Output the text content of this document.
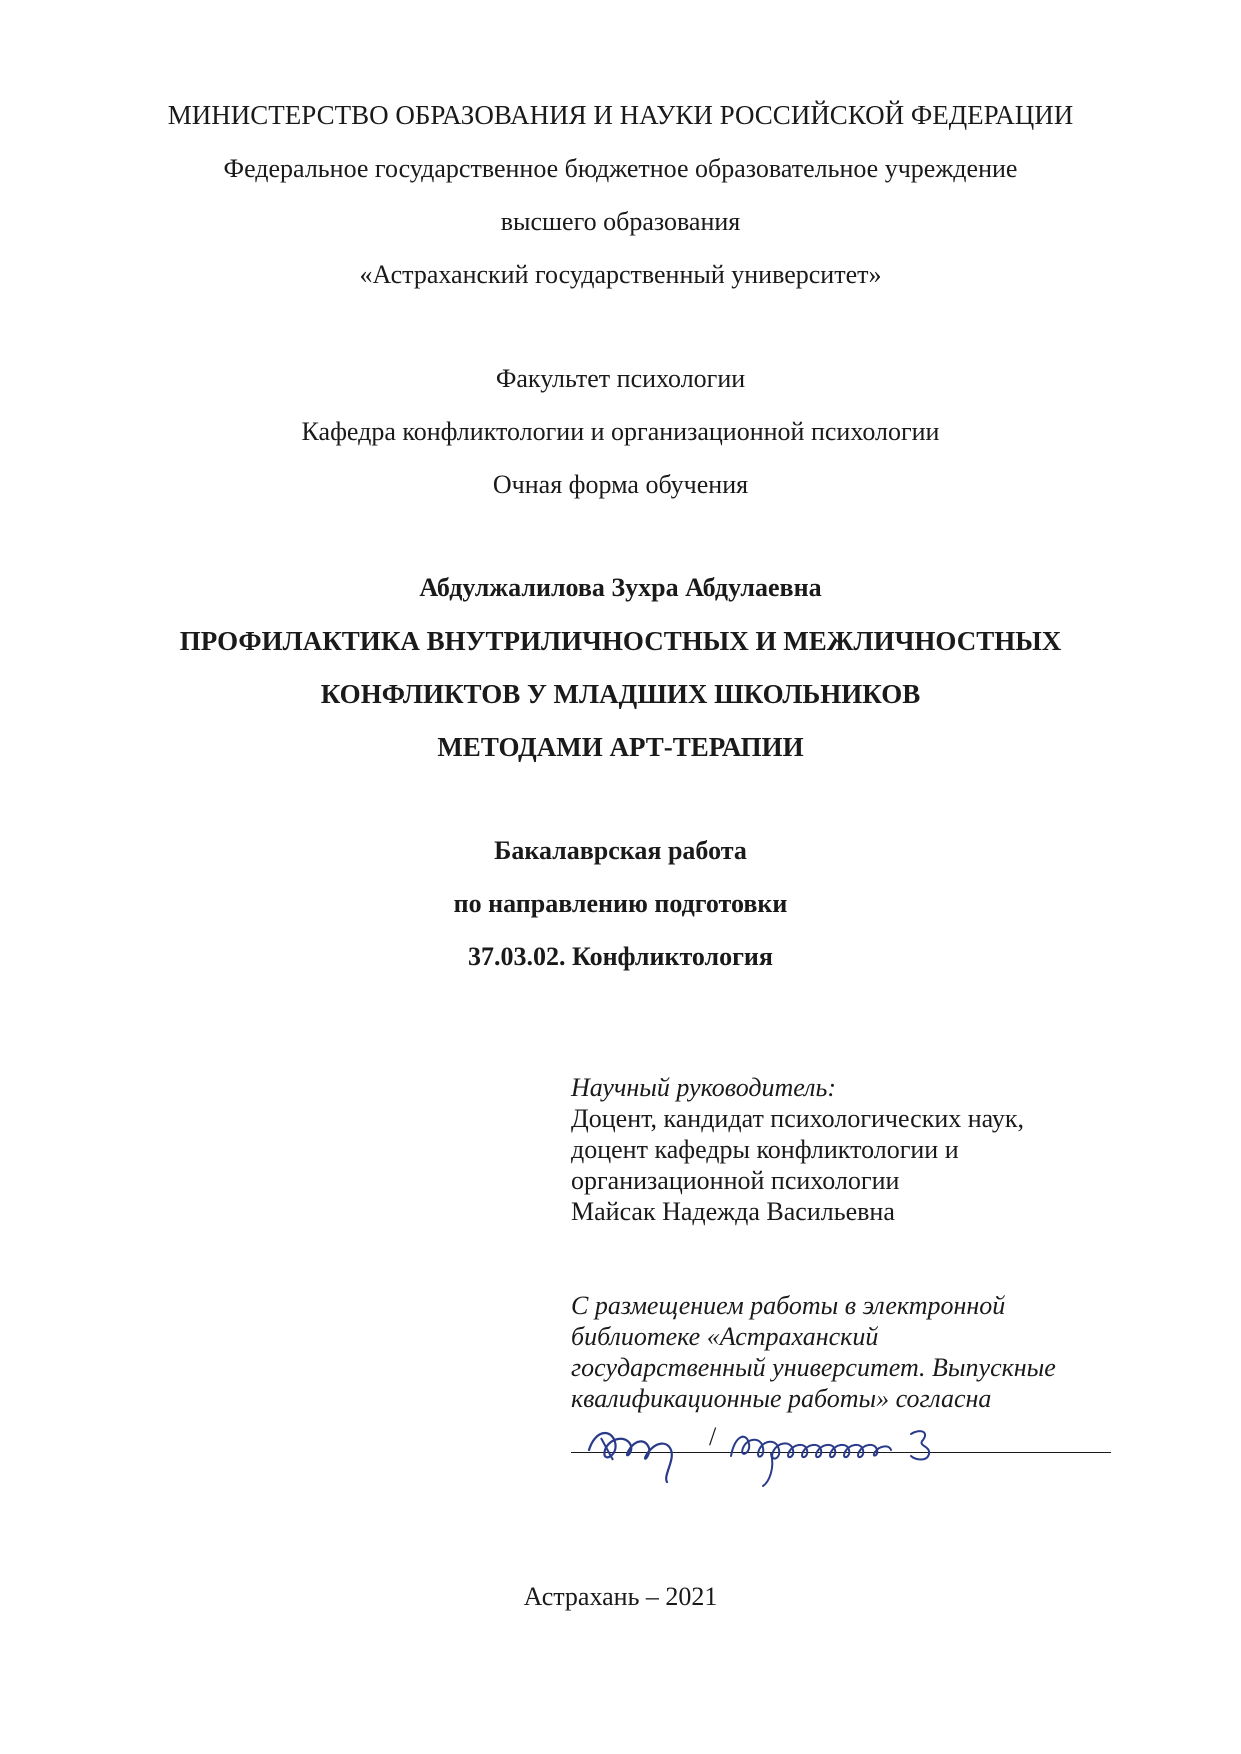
МИНИСТЕРСТВО ОБРАЗОВАНИЯ И НАУКИ РОССИЙСКОЙ ФЕДЕРАЦИИ
Федеральное государственное бюджетное образовательное учреждение
высшего образования
«Астраханский государственный университет»
Факультет психологии
Кафедра конфликтологии и организационной психологии
Очная форма обучения
Абдулжалилова Зухра Абдулаевна
ПРОФИЛАКТИКА ВНУТРИЛИЧНОСТНЫХ И МЕЖЛИЧНОСТНЫХ
КОНФЛИКТОВ У МЛАДШИХ ШКОЛЬНИКОВ
МЕТОДАМИ АРТ-ТЕРАПИИ
Бакалаврская работа
по направлению подготовки
37.03.02. Конфликтология
Научный руководитель:
Доцент, кандидат психологических наук,
доцент кафедры конфликтологии и
организационной психологии
Майсак Надежда Васильевна
С размещением работы в электронной
библиотеке «Астраханский
государственный университет. Выпускные
квалификационные работы» согласна
/
Астрахань – 2021
